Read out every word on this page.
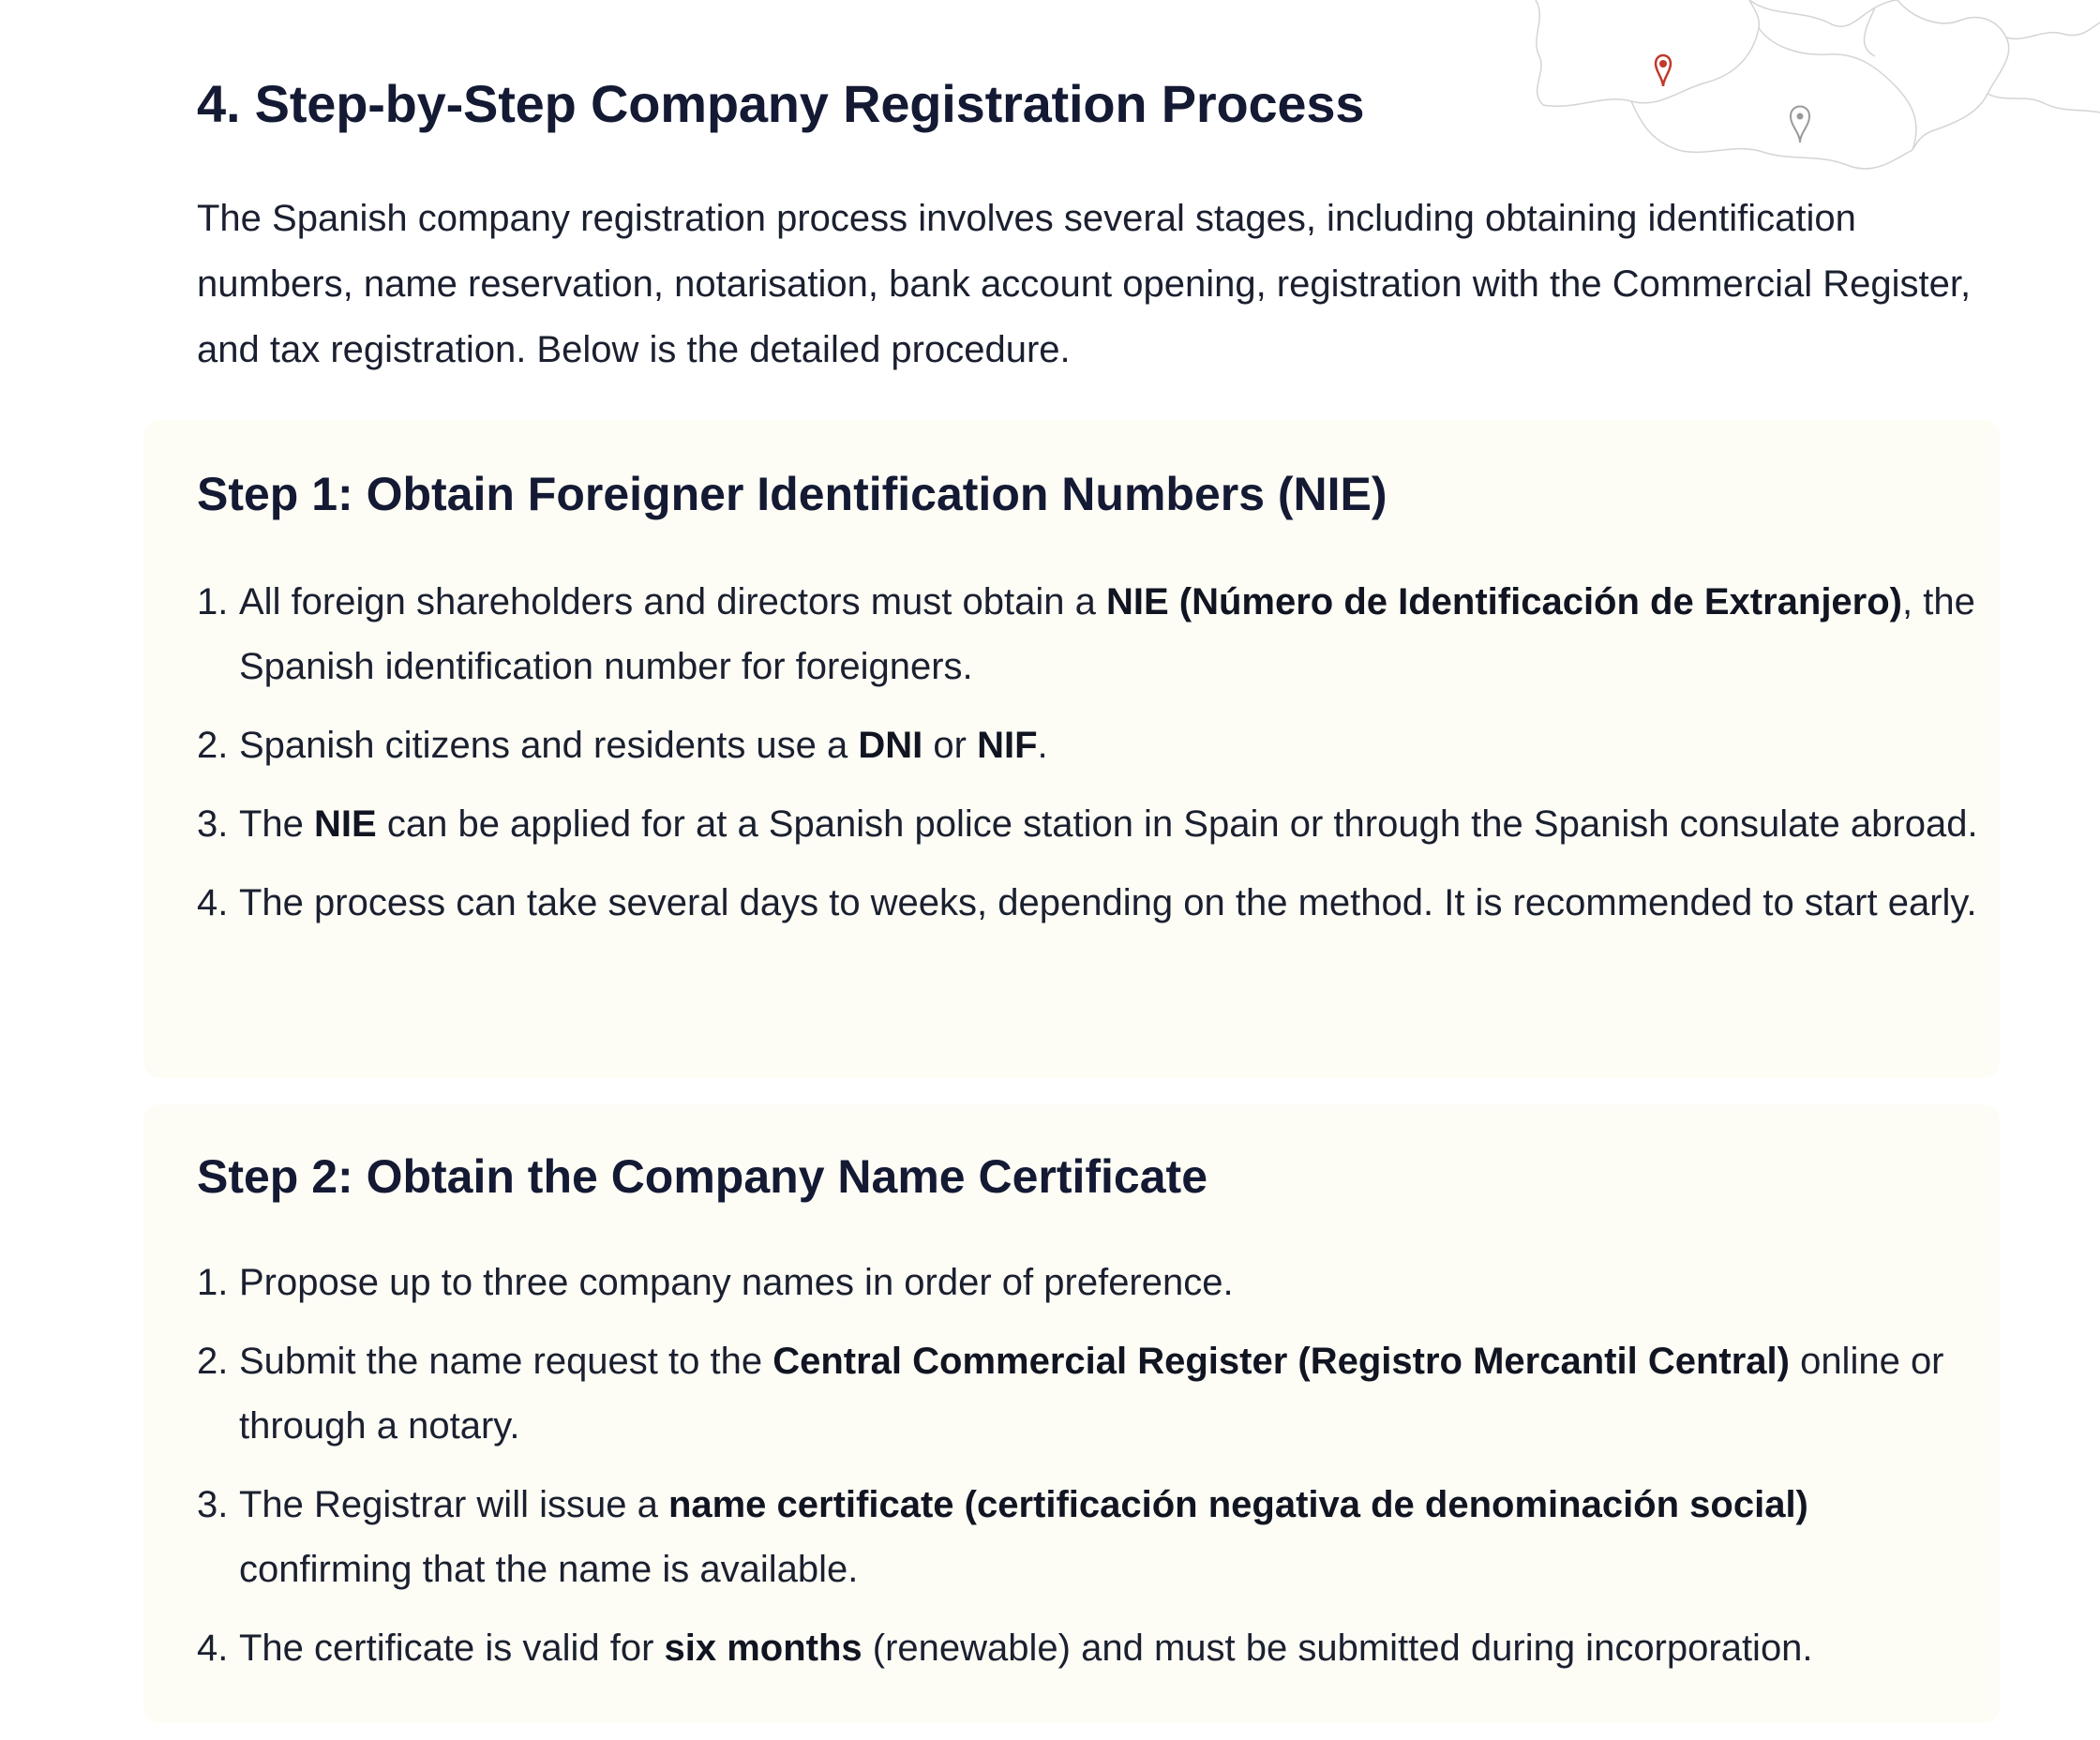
4. Step-by-Step Company Registration Process

The Spanish company registration process involves several stages, including obtaining identification numbers, name reservation, notarisation, bank account opening, registration with the Commercial Register, and tax registration. Below is the detailed procedure.

Step 1: Obtain Foreigner Identification Numbers (NIE)
1. All foreign shareholders and directors must obtain a NIE (Número de Identificación de Extranjero), the Spanish identification number for foreigners.
2. Spanish citizens and residents use a DNI or NIF.
3. The NIE can be applied for at a Spanish police station in Spain or through the Spanish consulate abroad.
4. The process can take several days to weeks, depending on the method. It is recommended to start early.
Step 2: Obtain the Company Name Certificate
1. Propose up to three company names in order of preference.
2. Submit the name request to the Central Commercial Register (Registro Mercantil Central) online or through a notary.
3. The Registrar will issue a name certificate (certificación negativa de denominación social) confirming that the name is available.
4. The certificate is valid for six months (renewable) and must be submitted during incorporation.
